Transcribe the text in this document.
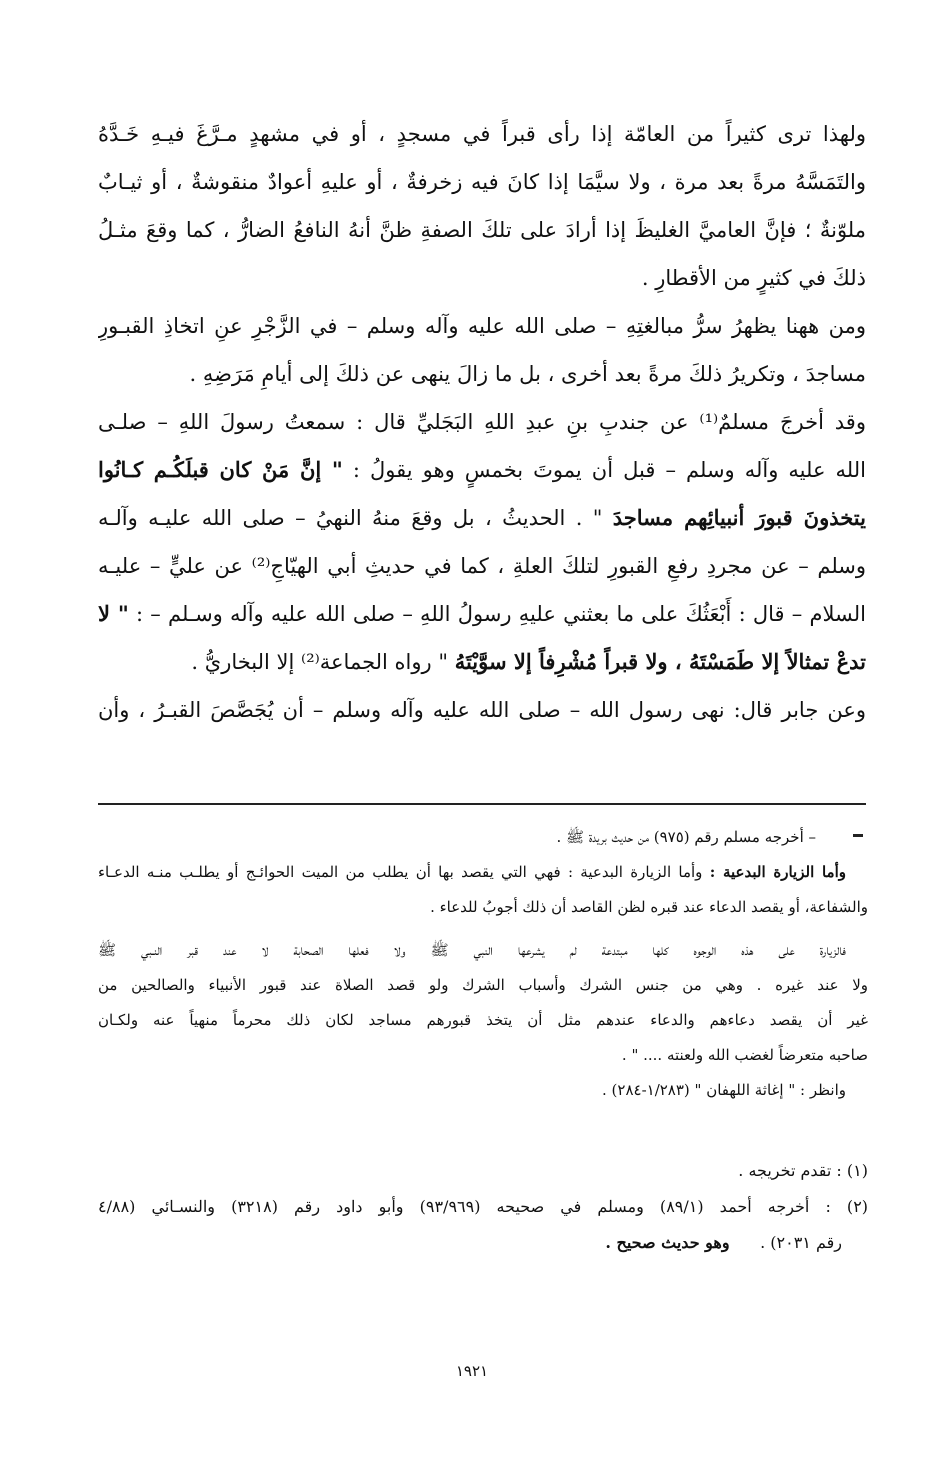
ولهذا ترى كثيراً من العامّة إذا رأى قبراً في مسجدٍ ، أو في مشهدٍ مـرَّغَ فيـهِ خَـدَّهُ
والتَمَسَّهُ مرةً بعد مرة ، ولا سيَّمَا إذا كانَ فيه زخرفةٌ ، أو عليهِ أعوادٌ منقوشةٌ ، أو ثيـابٌ
ملوّنةٌ ؛ فإنَّ العاميَّ الغليظَ إذا أرادَ على تلكَ الصفةِ ظنَّ أنهُ النافعُ الضارُّ ، كما وقعَ مثـلُ
ذلكَ في كثيرٍ من الأقطارِ .
ومن ههنا يظهرُ سرُّ مبالغتِهِ – صلى الله عليه وآله وسلم – في الزَّجْرِ عنِ اتخاذِ القبـورِ
مساجدَ ، وتكريرُ ذلكَ مرةً بعد أخرى ، بل ما زالَ ينهى عن ذلكَ إلى أيامِ مَرَضِهِ .
وقد أخرجَ مسلمٌ⁽¹⁾ عن جندبِ بنِ عبدِ اللهِ البَجَليِّ قال : سمعتُ رسولَ اللهِ – صلـى
الله عليه وآله وسلم – قبل أن يموتَ بخمسٍ وهو يقولُ : " إنَّ مَنْ كان قبلَكُـم كـانُوا
يتخذونَ قبورَ أنبيائِهم مساجدَ " . الحديثُ ، بل وقعَ منهُ النهيُ – صلى الله عليـه وآلـه
وسلم – عن مجردِ رفعِ القبورِ لتلكَ العلةِ ، كما في حديثِ أبي الهيّاجِ⁽²⁾ عن عليٍّ – عليـه
السلام – قال : أَبْعَثُكَ على ما بعثني عليهِ رسولُ اللهِ – صلى الله عليه وآله وسـلم – : " لا
تدعْ تمثالاً إلا طَمَسْتَهُ ، ولا قبراً مُشْرِفاً إلا سوَّيْتَهُ " رواه الجماعة⁽²⁾ إلا البخاريُّ .
وعن جابر قال: نهى رسول الله – صلى الله عليه وآله وسلم – أن يُجَصَّصَ القبـرُ ، وأن
– أخرجه مسلم رقم (٩٧٥) من حديث بريدة ﷺ .
وأما الزيارة البدعية : وأما الزيارة البدعية : فهي التي يقصد بها أن يطلب من الميت الحوائـج أو يطلـب منـه الدعـاء
والشفاعة، أو يقصد الدعاء عند قبره لظن القاصد أن ذلك أجوبُ للدعاء .
فالزيارة على هذه الوجوه كلها مبتدعة لم يشرعها النبي ﷺ ولا فعلها الصحابة لا عند قبر النـبي ﷺ
ولا عند غيره . وهي من جنس الشرك وأسباب الشرك ولو قصد الصلاة عند قبور الأنبياء والصالحين من
غير أن يقصد دعاءهم والدعاء عندهم مثل أن يتخذ قبورهم مساجد لكان ذلك محرماً منهياً عنه ولكـان
صاحبه متعرضاً لغضب الله ولعنته .... " .
وانظر : " إغاثة اللهفان " (١/٢٨٣-٢٨٤) .
(١) : تقدم تخريجه .
(٢) : أخرجه أحمد (٨٩/١) ومسلم في صحيحه (٩٣/٩٦٩) وأبو داود رقم (٣٢١٨) والنسـائي (٤/٨٨
رقم ٢٠٣١) .      وهو حديث صحيح .
١٩٢١
